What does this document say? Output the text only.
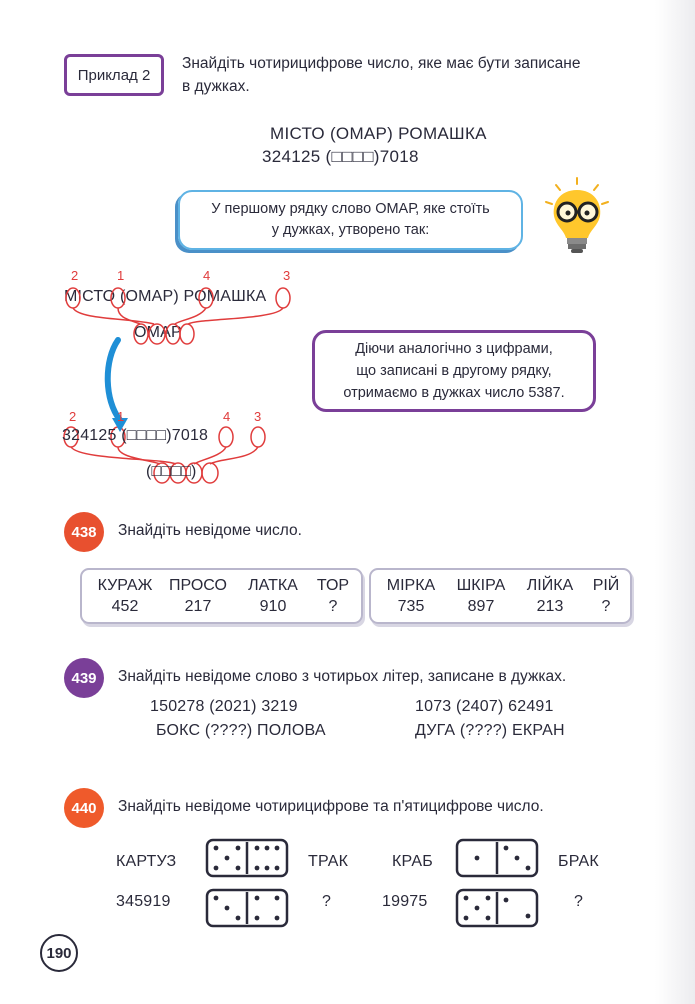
Приклад 2
Знайдіть чотирицифрове число, яке має бути записане
в дужках.
МІСТО (ОМАР) РОМАШКА
324125 (□□□□)7018
У першому рядку слово ОМАР, яке стоїть
у дужках, утворено так:
2	1	4	3
МІСТО (ОМАР) РОМАШКА
ОМАР
2	1	4 3
324125 (□□□□)7018
(□□□□)
Діючи аналогічно з цифрами,
що записані в другому рядку,
отримаємо в дужках число 5387.
438 Знайдіть невідоме число.
КУРАЖ	ПРОСО	ЛАТКА	ТОР
452	217	910	?
МІРКА	ШКІРА	ЛІЙКА	РІЙ
735	897	213	?
439 Знайдіть невідоме слово з чотирьох літер, записане в дужках.
150278 (2021) 3219
БОКС (????) ПОЛОВА
1073 (2407) 62491
ДУГА (????) ЕКРАН
440 Знайдіть невідоме чотирицифрове та п'ятицифрове число.
КАРТУЗ	ТРАК	КРАБ	БРАК
345919	?	19975	?
190
